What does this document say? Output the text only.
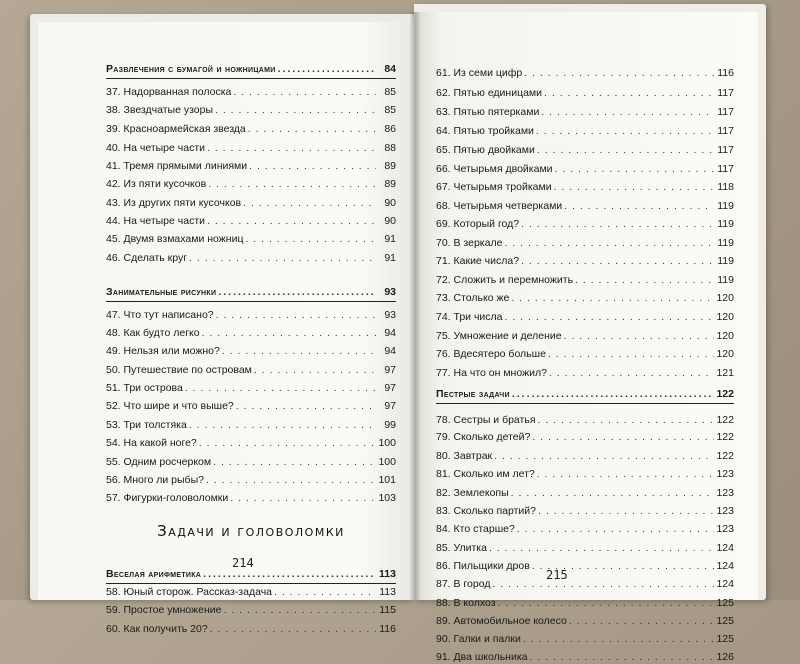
Развлечения с бумагой и ножницами .....	84
37. Надорванная полоска . . .	85
38. Звездчатые узоры . . .	85
39. Красноармейская звезда . . .	86
40. На четыре части . . .	88
41. Тремя прямыми линиями . . .	89
42. Из пяти кусочков . . .	89
43. Из других пяти кусочков . . .	90
44. На четыре части . . .	90
45. Двумя взмахами ножниц . . .	91
46. Сделать круг . . .	91
Занимательные рисунки .....	93
47. Что тут написано? . . .	93
48. Как будто легко . . .	94
49. Нельзя или можно? . . .	94
50. Путешествие по островам . . .	97
51. Три острова . . .	97
52. Что шире и что выше? . . .	97
53. Три толстяка . . .	99
54. На какой ноге? . . .	100
55. Одним росчерком . . .	100
56. Много ли рыбы? . . .	101
57. Фигурки-головоломки . . .	103
Задачи и головоломки
Веселая арифметика .....	113
58. Юный сторож. Рассказ-задача . . .	113
59. Простое умножение . . .	115
60. Как получить 20? . . .	116
214
61. Из семи цифр . . .	116
62. Пятью единицами . . .	117
63. Пятью пятерками . . .	117
64. Пятью тройками . . .	117
65. Пятью двойками . . .	117
66. Четырьмя двойками . . .	117
67. Четырьмя тройками . . .	118
68. Четырьмя четверками . . .	119
69. Который год? . . .	119
70. В зеркале . . .	119
71. Какие числа? . . .	119
72. Сложить и перемножить . . .	119
73. Столько же . . .	120
74. Три числа . . .	120
75. Умножение и деление . . .	120
76. Вдесятеро больше . . .	120
77. На что он множил? . . .	121
Пестрые задачи .....	122
78. Сестры и братья . . .	122
79. Сколько детей? . . .	122
80. Завтрак . . .	122
81. Сколько им лет? . . .	123
82. Землекопы . . .	123
83. Сколько партий? . . .	123
84. Кто старше? . . .	123
85. Улитка . . .	124
86. Пильщики дров . . .	124
87. В город . . .	124
88. В колхоз . . .	125
89. Автомобильное колесо . . .	125
90. Галки и палки . . .	125
91. Два школьника . . .	126
215
